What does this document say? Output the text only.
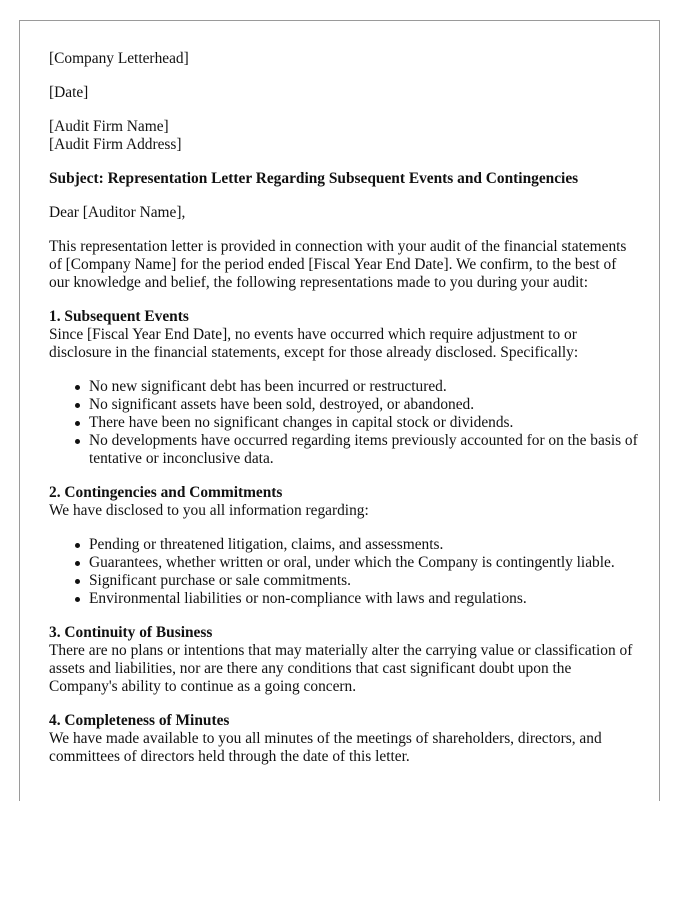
[Company Letterhead]

[Date]

[Audit Firm Name]

[Audit Firm Address]

Subject: Representation Letter Regarding Subsequent Events and Contingencies

Dear [Auditor Name],

This representation letter is provided in connection with your audit of the financial statements of [Company Name] for the period ended [Fiscal Year End Date]. We confirm, to the best of our knowledge and belief, the following representations made to you during your audit:

1. Subsequent Events

Since [Fiscal Year End Date], no events have occurred which require adjustment to or disclosure in the financial statements, except for those already disclosed. Specifically:

No new significant debt has been incurred or restructured.
No significant assets have been sold, destroyed, or abandoned.
There have been no significant changes in capital stock or dividends.
No developments have occurred regarding items previously accounted for on the basis of tentative or inconclusive data.

2. Contingencies and Commitments

We have disclosed to you all information regarding:

Pending or threatened litigation, claims, and assessments.
Guarantees, whether written or oral, under which the Company is contingently liable.
Significant purchase or sale commitments.
Environmental liabilities or non-compliance with laws and regulations.

3. Continuity of Business

There are no plans or intentions that may materially alter the carrying value or classification of assets and liabilities, nor are there any conditions that cast significant doubt upon the Company's ability to continue as a going concern.

4. Completeness of Minutes

We have made available to you all minutes of the meetings of shareholders, directors, and committees of directors held through the date of this letter.
